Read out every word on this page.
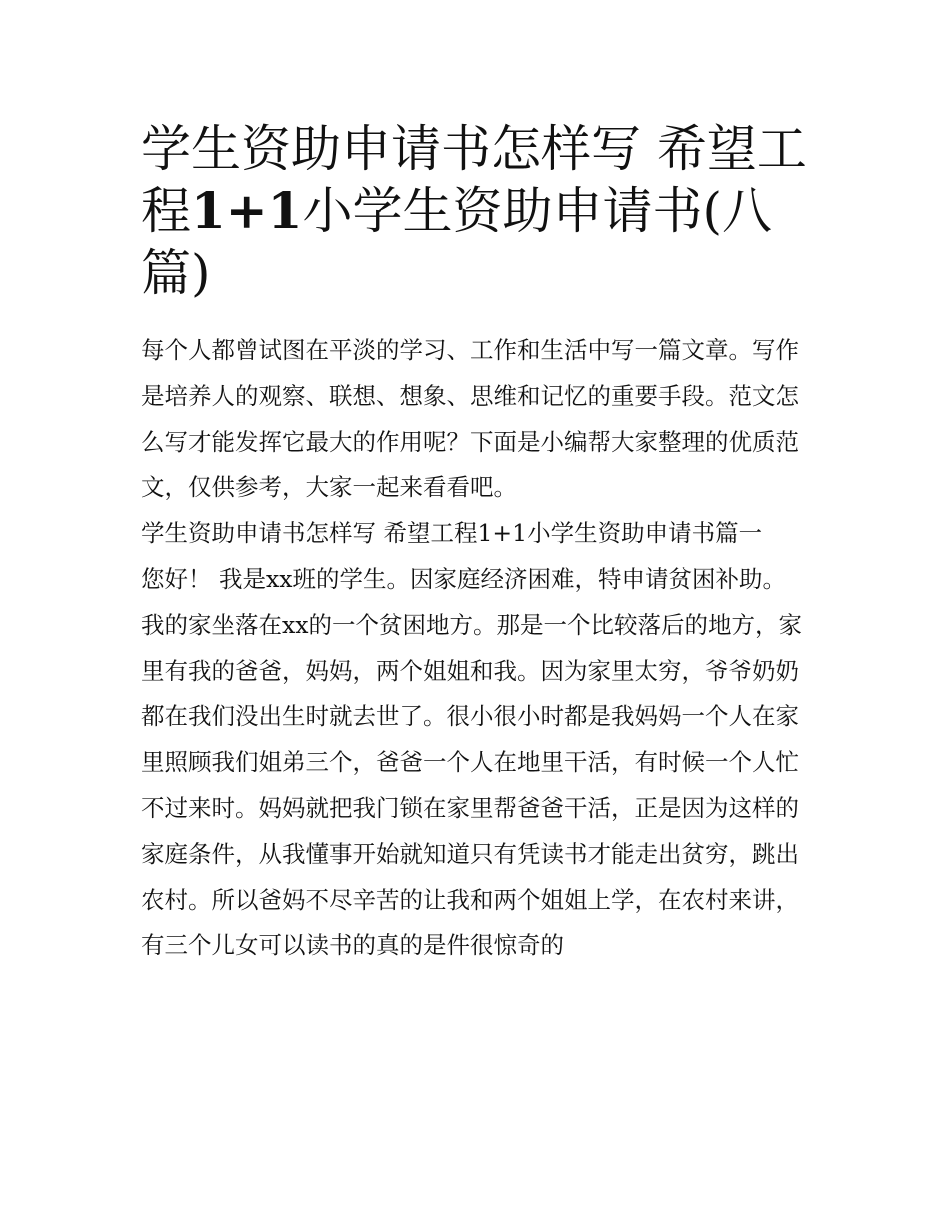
学生资助申请书怎样写 希望工程1+1小学生资助申请书(八篇)

每个人都曾试图在平淡的学习、工作和生活中写一篇文章。写作是培养人的观察、联想、想象、思维和记忆的重要手段。范文怎么写才能发挥它最大的作用呢？下面是小编帮大家整理的优质范文，仅供参考，大家一起来看看吧。

学生资助申请书怎样写 希望工程1+1小学生资助申请书篇一

您好！ 我是xx班的学生。因家庭经济困难，特申请贫困补助。

我的家坐落在xx的一个贫困地方。那是一个比较落后的地方，家里有我的爸爸，妈妈，两个姐姐和我。因为家里太穷，爷爷奶奶都在我们没出生时就去世了。很小很小时都是我妈妈一个人在家里照顾我们姐弟三个，爸爸一个人在地里干活，有时候一个人忙不过来时。妈妈就把我门锁在家里帮爸爸干活，正是因为这样的家庭条件，从我懂事开始就知道只有凭读书才能走出贫穷，跳出农村。所以爸妈不尽辛苦的让我和两个姐姐上学，在农村来讲，有三个儿女可以读书的真的是件很惊奇的
